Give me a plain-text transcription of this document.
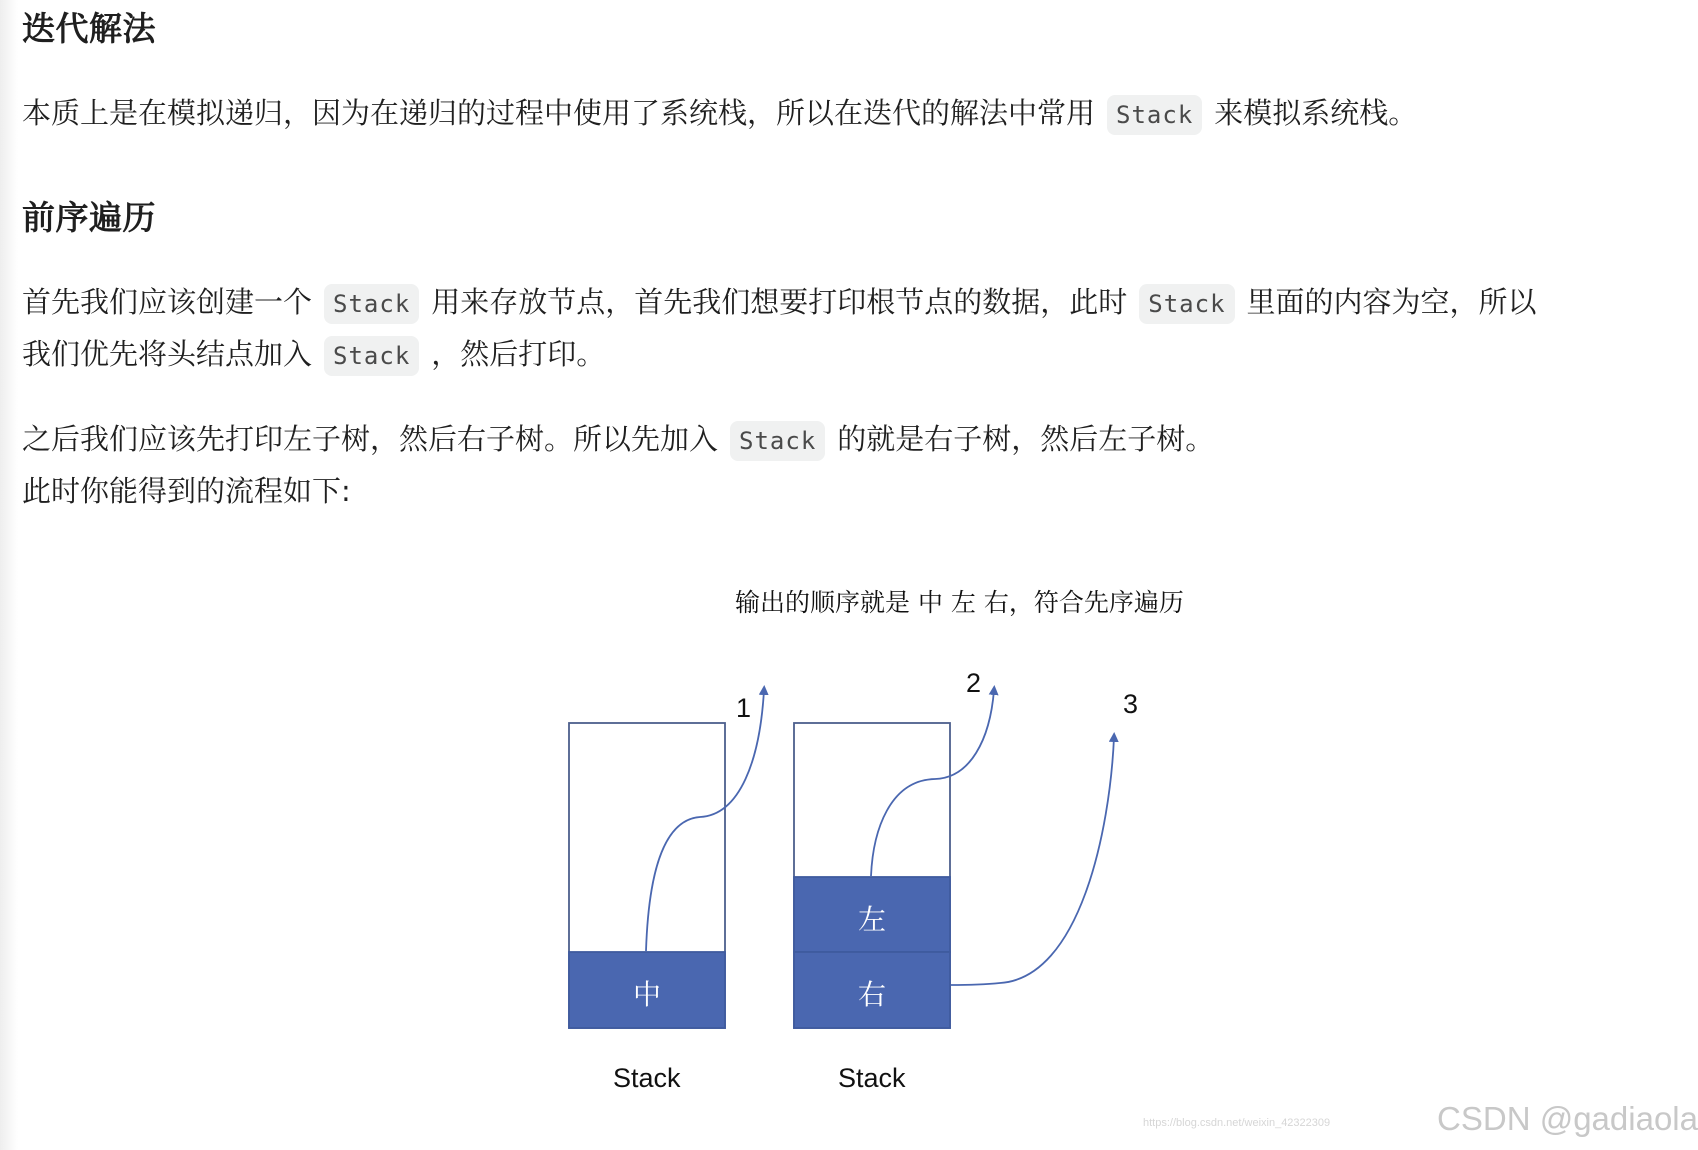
迭代解法

本质上是在模拟递归，因为在递归的过程中使用了系统栈，所以在迭代的解法中常用 Stack 来模拟系统栈。

前序遍历

首先我们应该创建一个 Stack 用来存放节点，首先我们想要打印根节点的数据，此时 Stack 里面的内容为空，所以

我们优先将头结点加入 Stack ，然后打印。

之后我们应该先打印左子树，然后右子树。所以先加入 Stack 的就是右子树，然后左子树。

此时你能得到的流程如下:

输出的顺序就是 中 左 右，符合先序遍历
中
左
右
1
2
3
Stack	Stack
https://blog.csdn.net/weixin_42322309	CSDN @gadiaola
